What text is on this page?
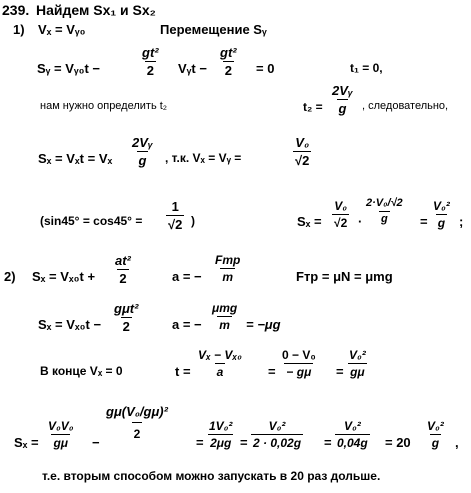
239. Найдем Sx₁ и Sx₂
1) Vₓ = Vᵧ₀	Перемещение Sᵧ
Sᵧ = Vᵧ₀t −	$\frac{\text{gt²}}{2}$ Vᵧt − $\frac{\text{gt²}}{2} = 0$	t₁ = 0,
нам нужно определить t₂	$t_2 = \frac{\text{2Vᵧ}}{g}$ , следовательно,
Sₓ = Vₓt = Vₓ $\frac{\text{2Vᵧ}}{g}$ , т.к. Vₓ = Vᵧ =	$\frac{\text{V₀}}{√2}$
($\sin 45^\circ = \cos 45^\circ = \frac{1}{√2}$ )	$S_x = \frac{\text{V₀}}{√2} \cdot \frac{\text{2·V₀/√2}}{g} = \frac{\text{V₀²}}{g}$ ;
2) $S_x = V_{x0}t + \frac{\text{at²}}{2}$	a = −
Fтр
m	Fтр = μN = μmg
Sₓ = Vₓ₀t −
gμt²
2	a = −
μmg
m = −μg
В конце Vₓ = 0	$t = \frac{\text{Vₓ − Vₓ₀}}{a} = \frac{\text{0 − V₀}}{- g\mu} = \frac{\text{V₀²}}{g\mu}$
$S_x = \frac{\text{V₀V₀}}{g\mu}$ −
$\frac{\text{gμ(V₀/gμ)²}}{2}$
= $\frac{\text{1V₀²}}{2\mu g} = \frac{\text{V₀²}}{2 \cdot 0,02g} = \frac{\text{V₀²}}{0,04g} = 20 \frac{\text{V₀²}}{g}$ ,
т.е. вторым способом можно запускать в 20 раз дольше.
